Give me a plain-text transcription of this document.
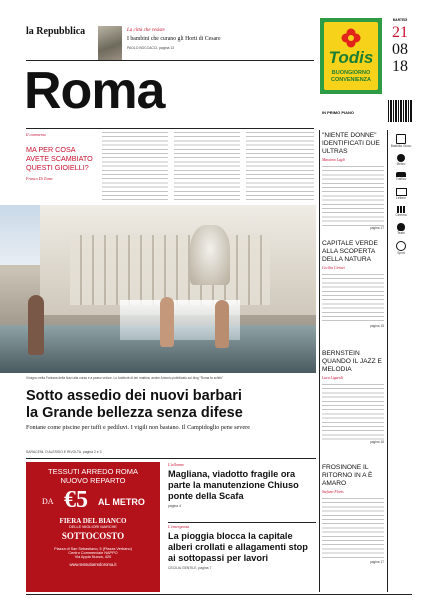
la Repubblica	La città che resiste
I bambini che curano gli Horti di Cesare
PAOLO BOCCACCI, pagina 13
Roma
MARTEDÌ
21
08
18
Todis
BUONGIORNO
CONVENIENZA
IN PRIMO PIANO
Il commento
MA PER COSA AVETE SCAMBIATO QUESTI GIOIELLI?
Franco Di Toma
Il bagno nella Fontana della Navi alla corsa e a passo veloce. Lo Anbitorè di ieri mattina, anche Antonio pubblicato sul blog "Roma fa schifo"
Sotto assedio dei nuovi barbari
la Grande bellezza senza difese
Fontane come piscine per tuffi e pediluvi. I vigili non bastano. Il Campidoglio pene severe
SARACENI, D'ALESSIO E RIVOLTA, pagina 2 e 3
TESSUTI ARREDO ROMA
NUOVO REPARTO
DA €5 AL METRO
FIERA DEL BIANCO
DELLE MIGLIORI MARCHE
SOTTOCOSTO
Piazza di San Sebastiano, 5 (Piazza Verbano)
Centro Commerciale NAPPO
Via Appia Nuova, 420
www.tessutiarredoroma.it
L'allarme
Magliana, viadotto fragile ora parte la manutenzione Chiuso ponte della Scafa
pagina 4
L'emergenza
La pioggia blocca la capitale alberi crollati e allagamenti stop ai sottopassi per lavori
CECILIA GENTILE, pagina 7
"NIENTE DONNE" IDENTIFICATI DUE ULTRAS
Massimo Lugli
pagina 17
CAPITALE VERDE ALLA SCOPERTA DELLA NATURA
Cecilia Cirinei
pagina 15
BERNSTEIN QUANDO IL JAZZ E MELODIA
Luca Ligaroli
pagina 16
FROSINONE IL RITORNO IN A È AMARO
Stefano Floris
pagina 17
Bastidia Gioco
Meteo
Traffico
Lettere
Cinema
Teatri
Sport
